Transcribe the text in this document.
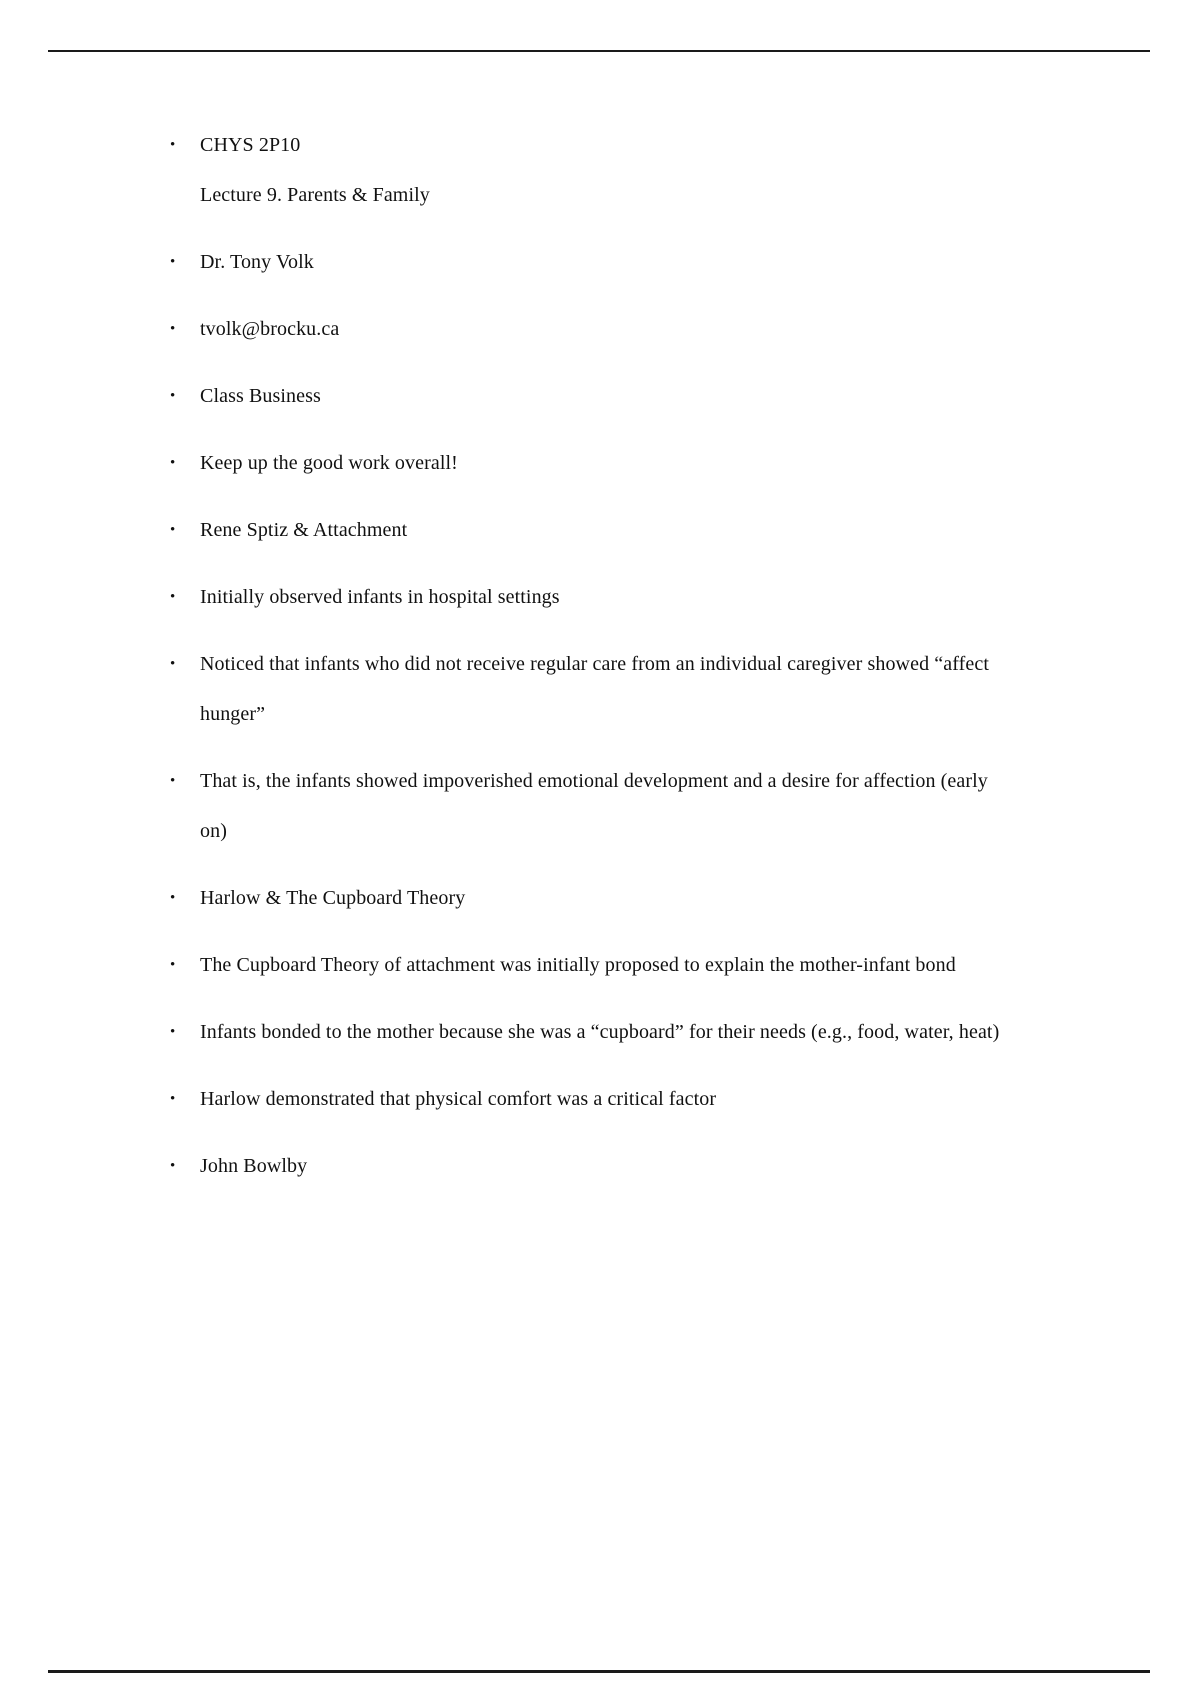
•	CHYS 2P10
Lecture 9. Parents & Family
•	Dr. Tony Volk
•	tvolk@brocku.ca
•	Class Business
•	Keep up the good work overall!
•	Rene Sptiz & Attachment
•	Initially observed infants in hospital settings
•	Noticed that infants who did not receive regular care from an individual caregiver showed “affect hunger”
•	That is, the infants showed impoverished emotional development and a desire for affection (early on)
•	Harlow & The Cupboard Theory
•	The Cupboard Theory of attachment was initially proposed to explain the mother-infant bond
•	Infants bonded to the mother because she was a “cupboard” for their needs (e.g., food, water, heat)
•	Harlow demonstrated that physical comfort was a critical factor
•	John Bowlby
